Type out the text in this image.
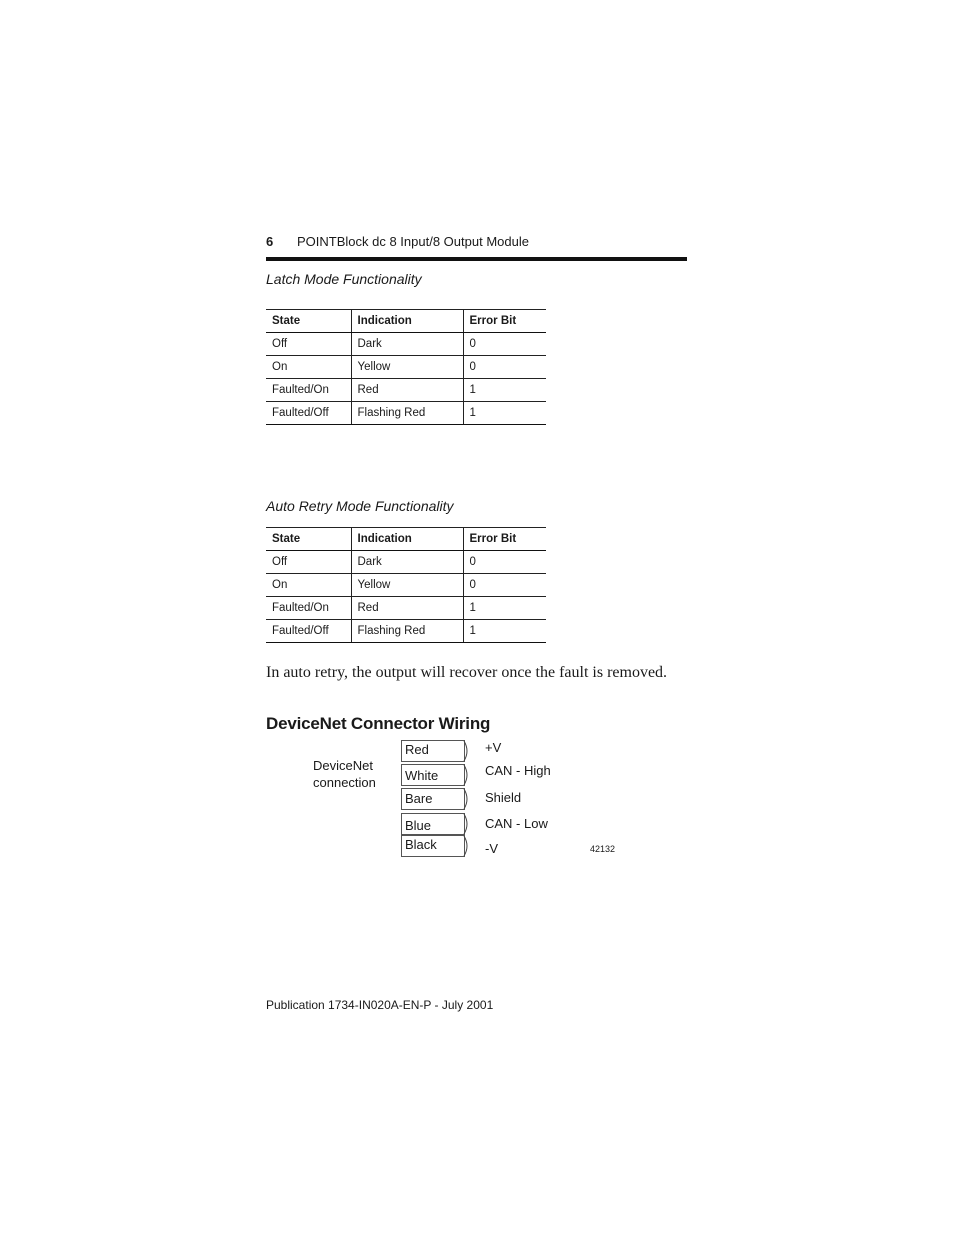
6 POINTBlock dc 8 Input/8 Output Module
Latch Mode Functionality
State	Indication	Error Bit
Off	Dark	0
On	Yellow	0
Faulted/On	Red	1
Faulted/Off	Flashing Red	1
Auto Retry Mode Functionality
State	Indication	Error Bit
Off	Dark	0
On	Yellow	0
Faulted/On	Red	1
Faulted/Off	Flashing Red	1
In auto retry, the output will recover once the fault is removed.
DeviceNet Connector Wiring
DeviceNet
connection
Red
White
Bare
Blue
Black
+V
CAN - High
Shield
CAN - Low
-V	42132
Publication 1734-IN020A-EN-P - July 2001
